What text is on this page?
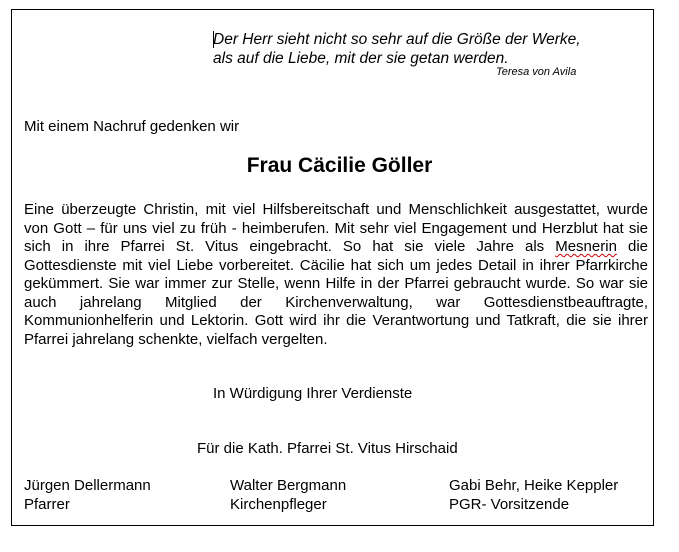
Der Herr sieht nicht so sehr auf die Größe der Werke,
als auf die Liebe, mit der sie getan werden.
Teresa von Avila
Mit einem Nachruf gedenken wir
Frau Cäcilie Göller
Eine überzeugte Christin, mit viel Hilfsbereitschaft und Menschlichkeit ausgestattet, wurde von Gott – für uns viel zu früh - heimberufen. Mit sehr viel Engagement und Herzblut hat sie sich in ihre Pfarrei St. Vitus eingebracht. So hat sie viele Jahre als Mesnerin die Gottesdienste mit viel Liebe vorbereitet. Cäcilie hat sich um jedes Detail in ihrer Pfarrkirche gekümmert. Sie war immer zur Stelle, wenn Hilfe in der Pfarrei gebraucht wurde. So war sie auch jahrelang Mitglied der Kirchenverwaltung, war Gottesdienstbeauftragte, Kommunionhelferin und Lektorin. Gott wird ihr die Verantwortung und Tatkraft, die sie ihrer Pfarrei jahrelang schenkte, vielfach vergelten.
In Würdigung Ihrer Verdienste
Für die Kath. Pfarrei St. Vitus Hirschaid
Jürgen Dellermann
Pfarrer
Walter Bergmann
Kirchenpfleger
Gabi Behr, Heike Keppler
PGR- Vorsitzende
